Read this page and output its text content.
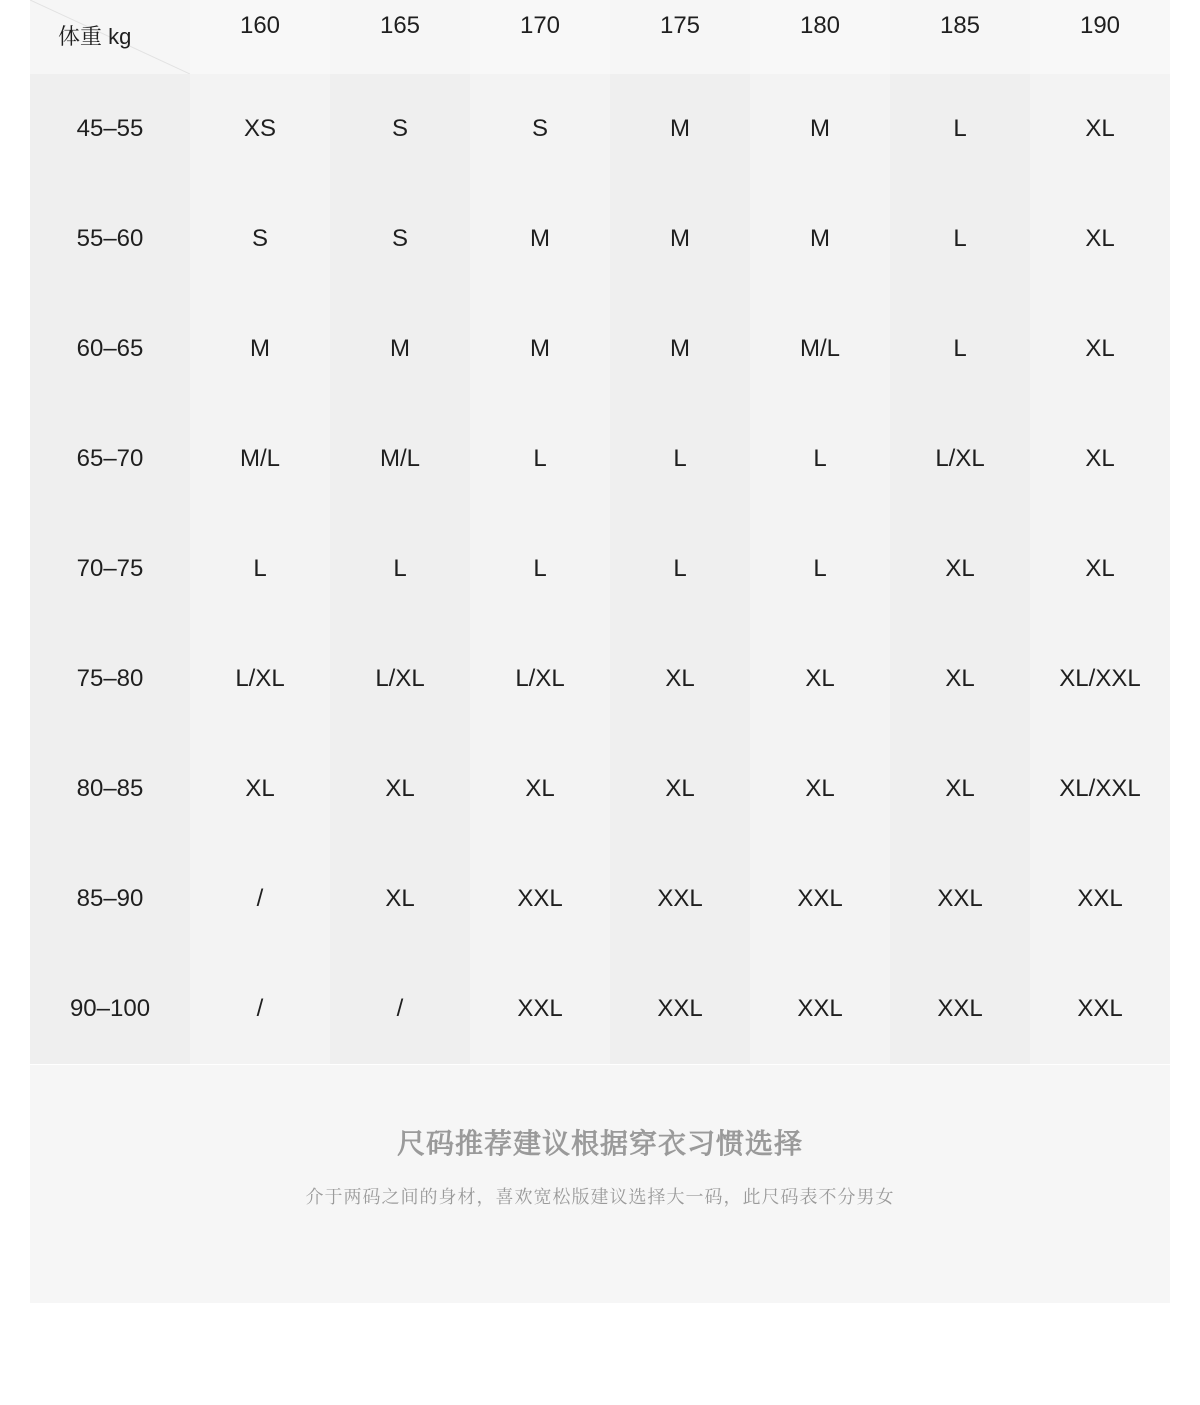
体重 kg	160	165	170	175	180	185	190
45–55	XS	S	S	M	M	L	XL
55–60	S	S	M	M	M	L	XL
60–65	M	M	M	M	M/L	L	XL
65–70	M/L	M/L	L	L	L	L/XL	XL
70–75	L	L	L	L	L	XL	XL
75–80	L/XL	L/XL	L/XL	XL	XL	XL	XL/XXL
80–85	XL	XL	XL	XL	XL	XL	XL/XXL
85–90	/	XL	XXL	XXL	XXL	XXL	XXL
90–100	/	/	XXL	XXL	XXL	XXL	XXL
尺码推荐建议根据穿衣习惯选择
介于两码之间的身材，喜欢宽松版建议选择大一码，此尺码表不分男女
